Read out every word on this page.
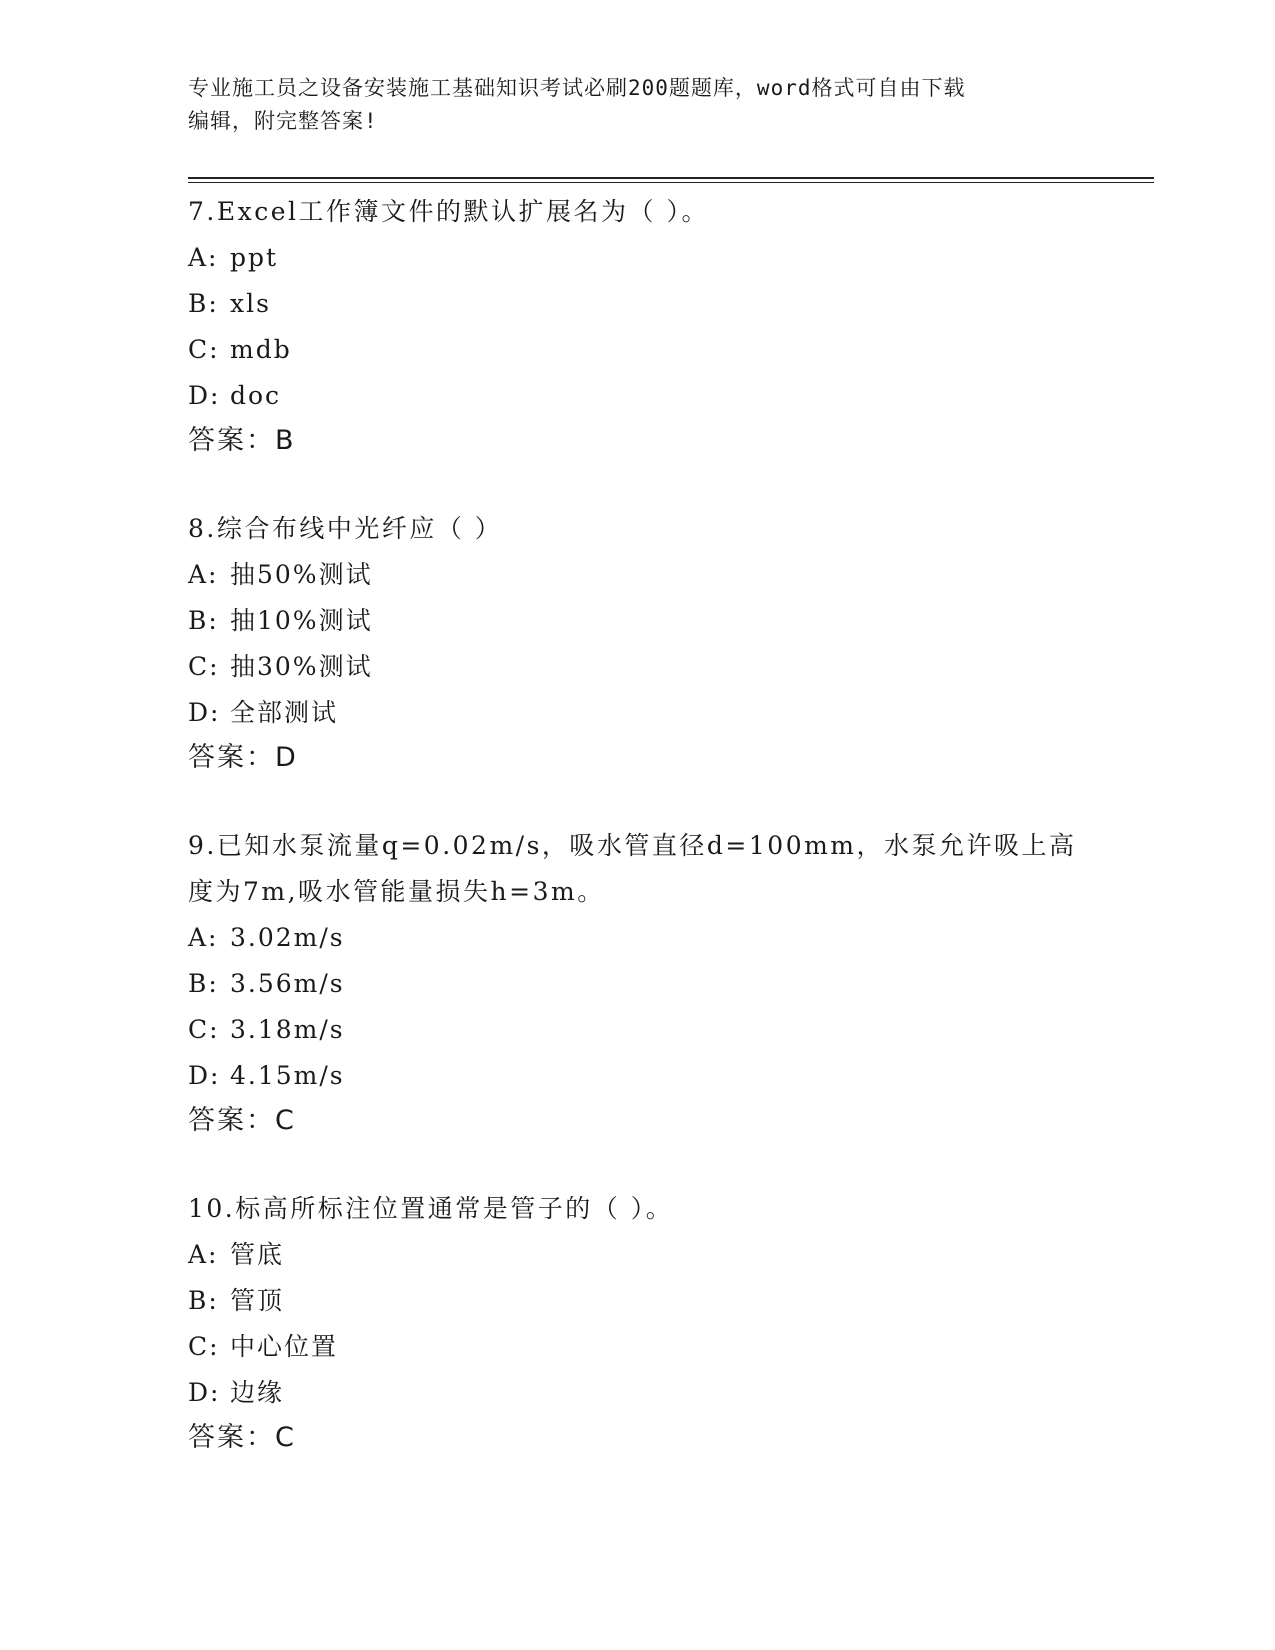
专业施工员之设备安装施工基础知识考试必刷200题题库，word格式可自由下载
编辑，附完整答案!

7.Excel工作簿文件的默认扩展名为（ ）。

A: ppt

B: xls

C: mdb

D: doc

答案：B

8.综合布线中光纤应（ ）

A: 抽50%测试

B: 抽10%测试

C: 抽30%测试

D: 全部测试

答案：D

9.已知水泵流量q=0.02m/s，吸水管直径d=100mm，水泵允许吸上高度为7m,吸水管能量损失h=3m。

A: 3.02m/s

B: 3.56m/s

C: 3.18m/s

D: 4.15m/s

答案：C

10.标高所标注位置通常是管子的（ ）。

A: 管底

B: 管顶

C: 中心位置

D: 边缘

答案：C
